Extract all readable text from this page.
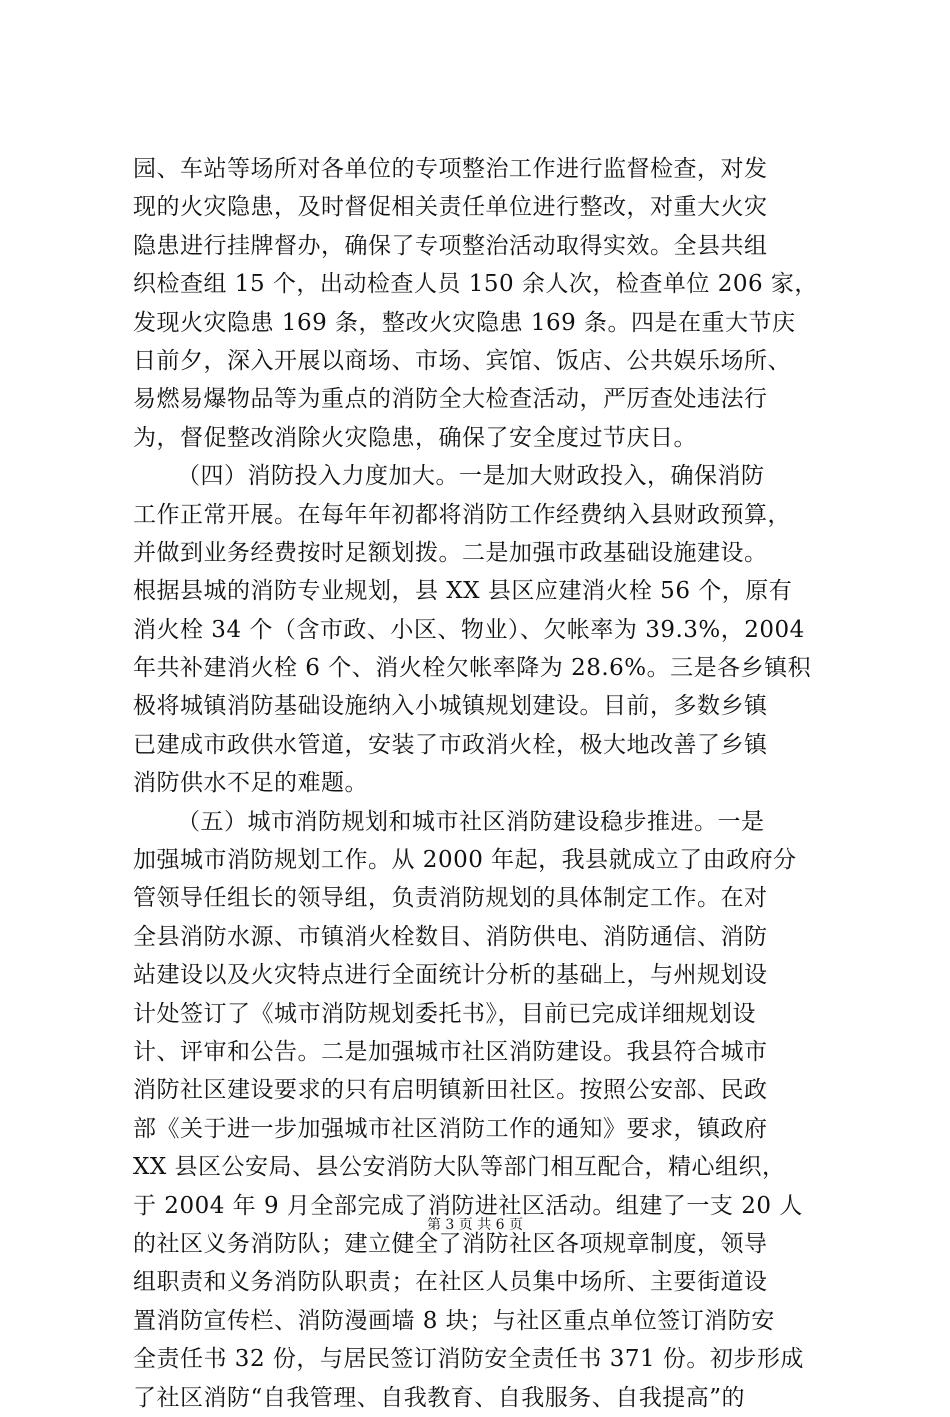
园、车站等场所对各单位的专项整治工作进行监督检查，对发
现的火灾隐患，及时督促相关责任单位进行整改，对重大火灾
隐患进行挂牌督办，确保了专项整治活动取得实效。全县共组
织检查组 15 个，出动检查人员 150 余人次，检查单位 206 家，
发现火灾隐患 169 条，整改火灾隐患 169 条。四是在重大节庆
日前夕，深入开展以商场、市场、宾馆、饭店、公共娱乐场所、
易燃易爆物品等为重点的消防全大检查活动，严厉查处违法行
为，督促整改消除火灾隐患，确保了安全度过节庆日。
（四）消防投入力度加大。一是加大财政投入，确保消防
工作正常开展。在每年年初都将消防工作经费纳入县财政预算，
并做到业务经费按时足额划拨。二是加强市政基础设施建设。
根据县城的消防专业规划，县 XX 县区应建消火栓 56 个，原有
消火栓 34 个（含市政、小区、物业）、欠帐率为 39.3%，2004
年共补建消火栓 6 个、消火栓欠帐率降为 28.6%。三是各乡镇积
极将城镇消防基础设施纳入小城镇规划建设。目前，多数乡镇
已建成市政供水管道，安装了市政消火栓，极大地改善了乡镇
消防供水不足的难题。
（五）城市消防规划和城市社区消防建设稳步推进。一是
加强城市消防规划工作。从 2000 年起，我县就成立了由政府分
管领导任组长的领导组，负责消防规划的具体制定工作。在对
全县消防水源、市镇消火栓数目、消防供电、消防通信、消防
站建设以及火灾特点进行全面统计分析的基础上，与州规划设
计处签订了《城市消防规划委托书》，目前已完成详细规划设
计、评审和公告。二是加强城市社区消防建设。我县符合城市
消防社区建设要求的只有启明镇新田社区。按照公安部、民政
部《关于进一步加强城市社区消防工作的通知》要求，镇政府
XX 县区公安局、县公安消防大队等部门相互配合，精心组织，
于 2004 年 9 月全部完成了消防进社区活动。组建了一支 20 人
的社区义务消防队；建立健全了消防社区各项规章制度，领导
组职责和义务消防队职责；在社区人员集中场所、主要街道设
置消防宣传栏、消防漫画墙 8 块；与社区重点单位签订消防安
全责任书 32 份，与居民签订消防安全责任书 371 份。初步形成
了社区消防“自我管理、自我教育、自我服务、自我提高”的
第 3 页 共 6 页
